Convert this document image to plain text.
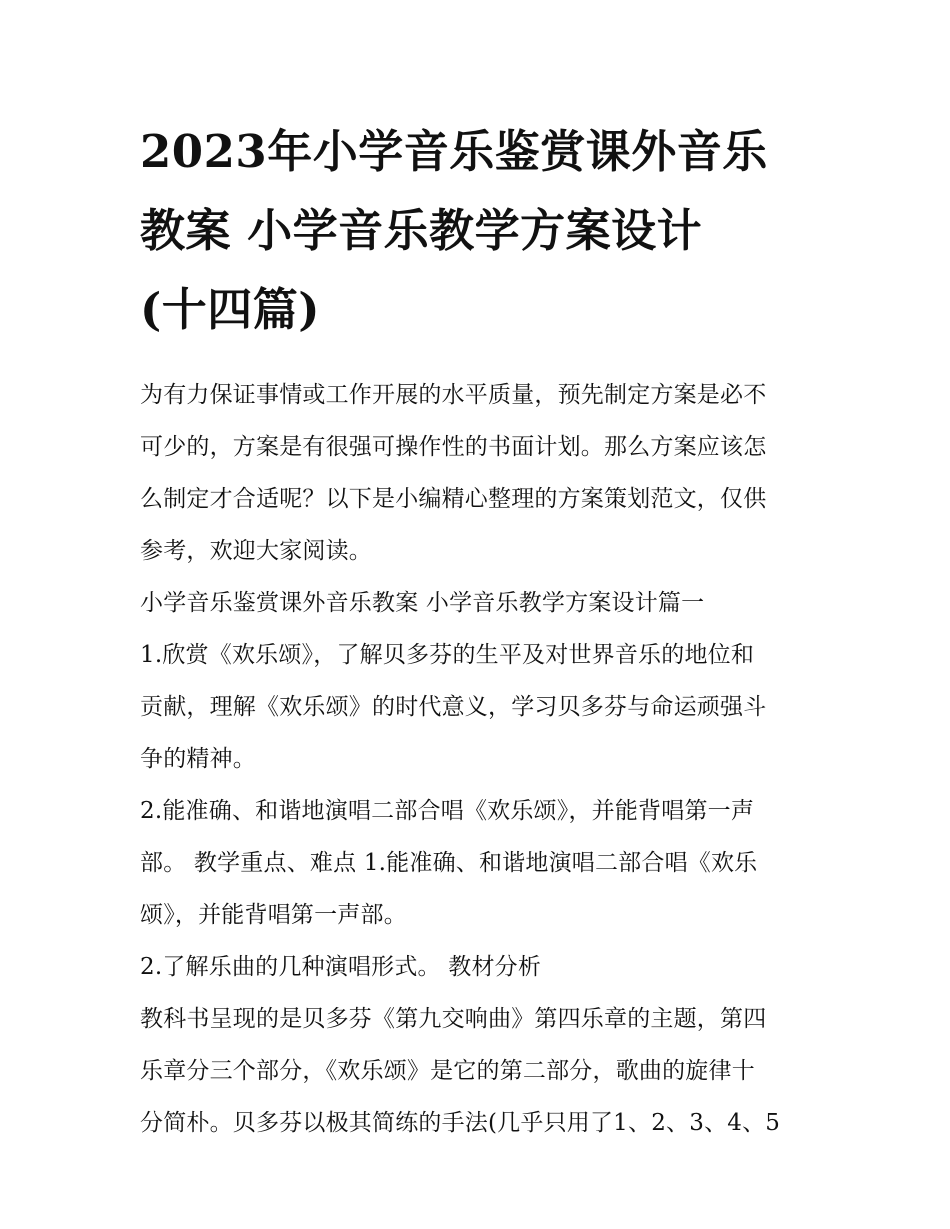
2023年小学音乐鉴赏课外音乐
教案 小学音乐教学方案设计
(十四篇)
为有力保证事情或工作开展的水平质量，预先制定方案是必不
可少的，方案是有很强可操作性的书面计划。那么方案应该怎
么制定才合适呢？以下是小编精心整理的方案策划范文，仅供
参考，欢迎大家阅读。
小学音乐鉴赏课外音乐教案 小学音乐教学方案设计篇一
1.欣赏《欢乐颂》，了解贝多芬的生平及对世界音乐的地位和
贡献，理解《欢乐颂》的时代意义，学习贝多芬与命运顽强斗
争的精神。
2.能准确、和谐地演唱二部合唱《欢乐颂》，并能背唱第一声
部。 教学重点、难点 1.能准确、和谐地演唱二部合唱《欢乐
颂》，并能背唱第一声部。
2.了解乐曲的几种演唱形式。 教材分析
教科书呈现的是贝多芬《第九交响曲》第四乐章的主题，第四
乐章分三个部分，《欢乐颂》是它的第二部分，歌曲的旋律十
分简朴。贝多芬以极其简练的手法(几乎只用了1、2、3、4、5
